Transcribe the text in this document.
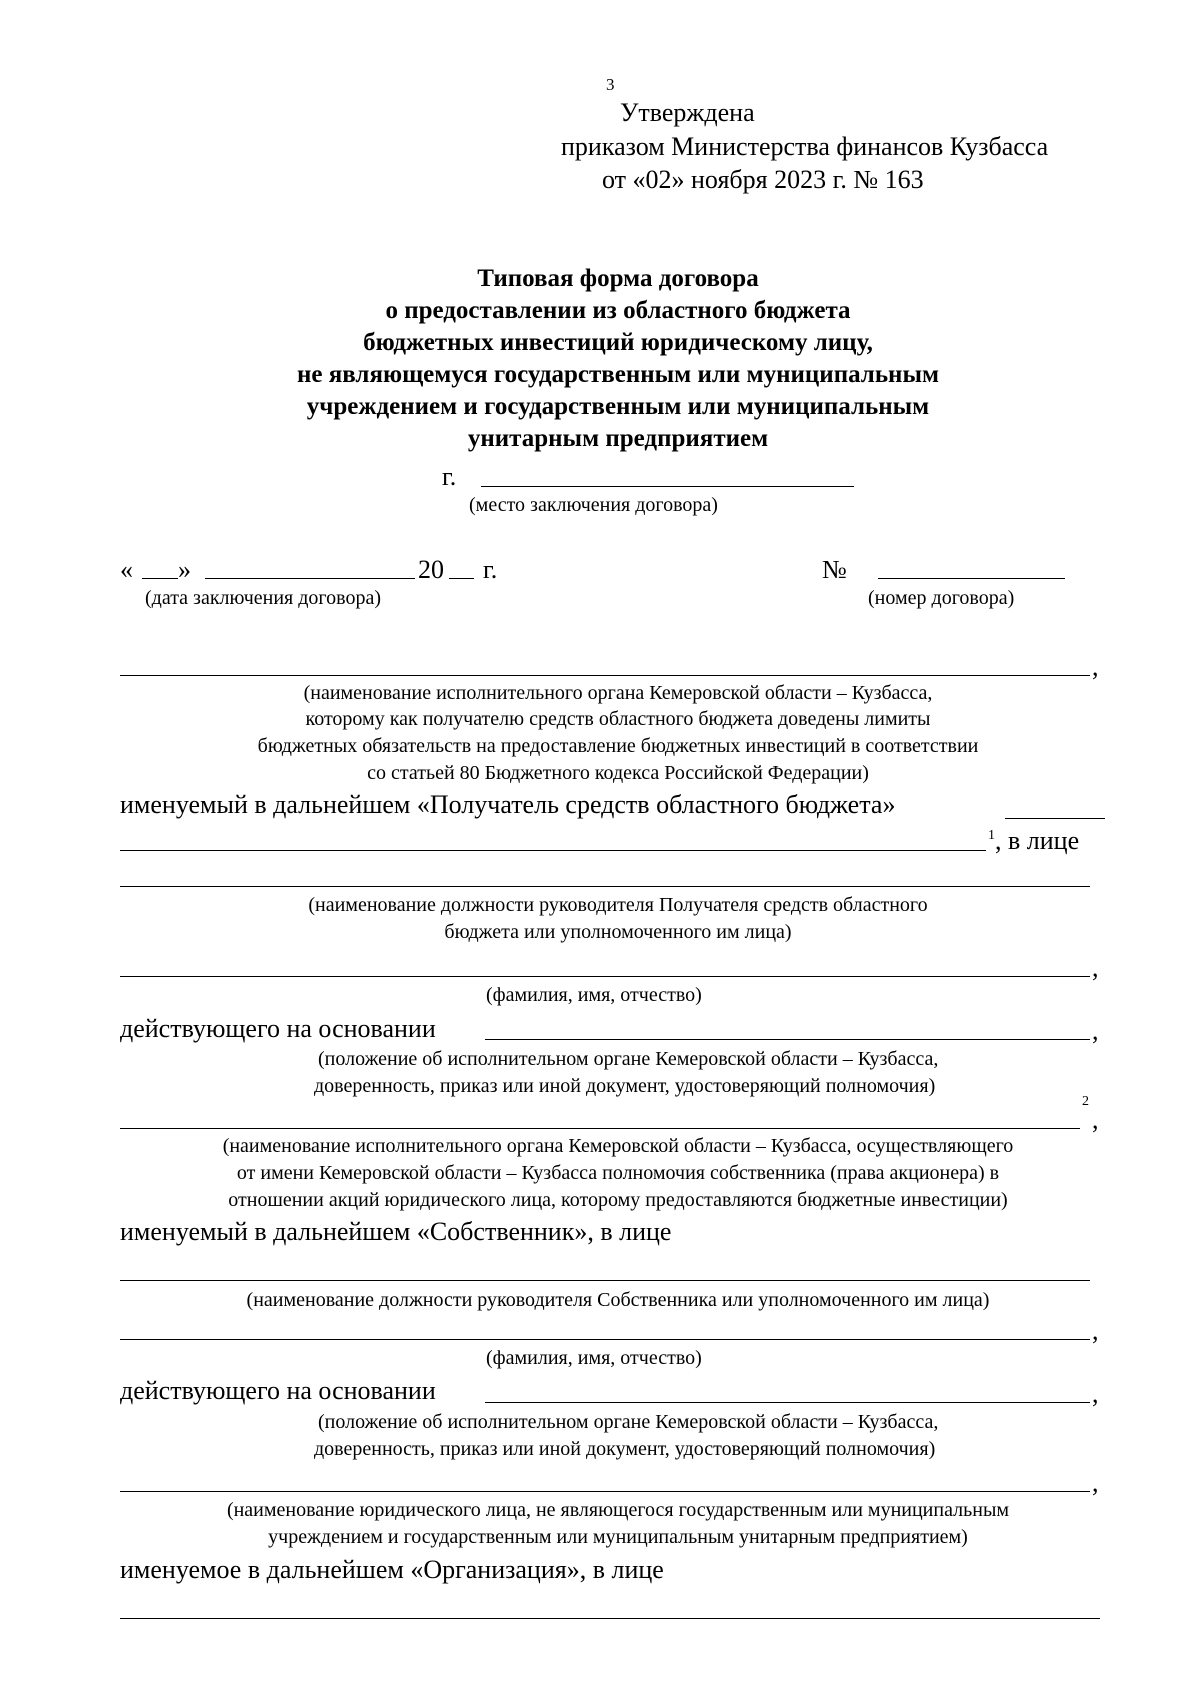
3
Утверждена
приказом Министерства финансов Кузбасса
от «02» ноября 2023 г. № 163
Типовая форма договора
о предоставлении из областного бюджета
бюджетных инвестиций юридическому лицу,
не являющемуся государственным или муниципальным
учреждением и государственным или муниципальным
унитарным предприятием
г.
(место заключения договора)
« »	20 г.
(дата заключения договора)
№
(номер договора)
,
(наименование исполнительного органа Кемеровской области – Кузбасса,
которому как получателю средств областного бюджета доведены лимиты
бюджетных обязательств на предоставление бюджетных инвестиций в соответствии
со статьей 80 Бюджетного кодекса Российской Федерации)
именуемый в дальнейшем «Получатель средств областного бюджета»
$^1$, в лице
(наименование должности руководителя Получателя средств областного
бюджета или уполномоченного им лица)
,
(фамилия, имя, отчество)
действующего на основании	,
(положение об исполнительном органе Кемеровской области – Кузбасса,
доверенность, приказ или иной документ, удостоверяющий полномочия)
2
,
(наименование исполнительного органа Кемеровской области – Кузбасса, осуществляющего
от имени Кемеровской области – Кузбасса полномочия собственника (права акционера) в
отношении акций юридического лица, которому предоставляются бюджетные инвестиции)
именуемый в дальнейшем «Собственник», в лице
(наименование должности руководителя Собственника или уполномоченного им лица)
,
(фамилия, имя, отчество)
действующего на основании	,
(положение об исполнительном органе Кемеровской области – Кузбасса,
доверенность, приказ или иной документ, удостоверяющий полномочия)
,
(наименование юридического лица, не являющегося государственным или муниципальным
учреждением и государственным или муниципальным унитарным предприятием)
именуемое в дальнейшем «Организация», в лице
